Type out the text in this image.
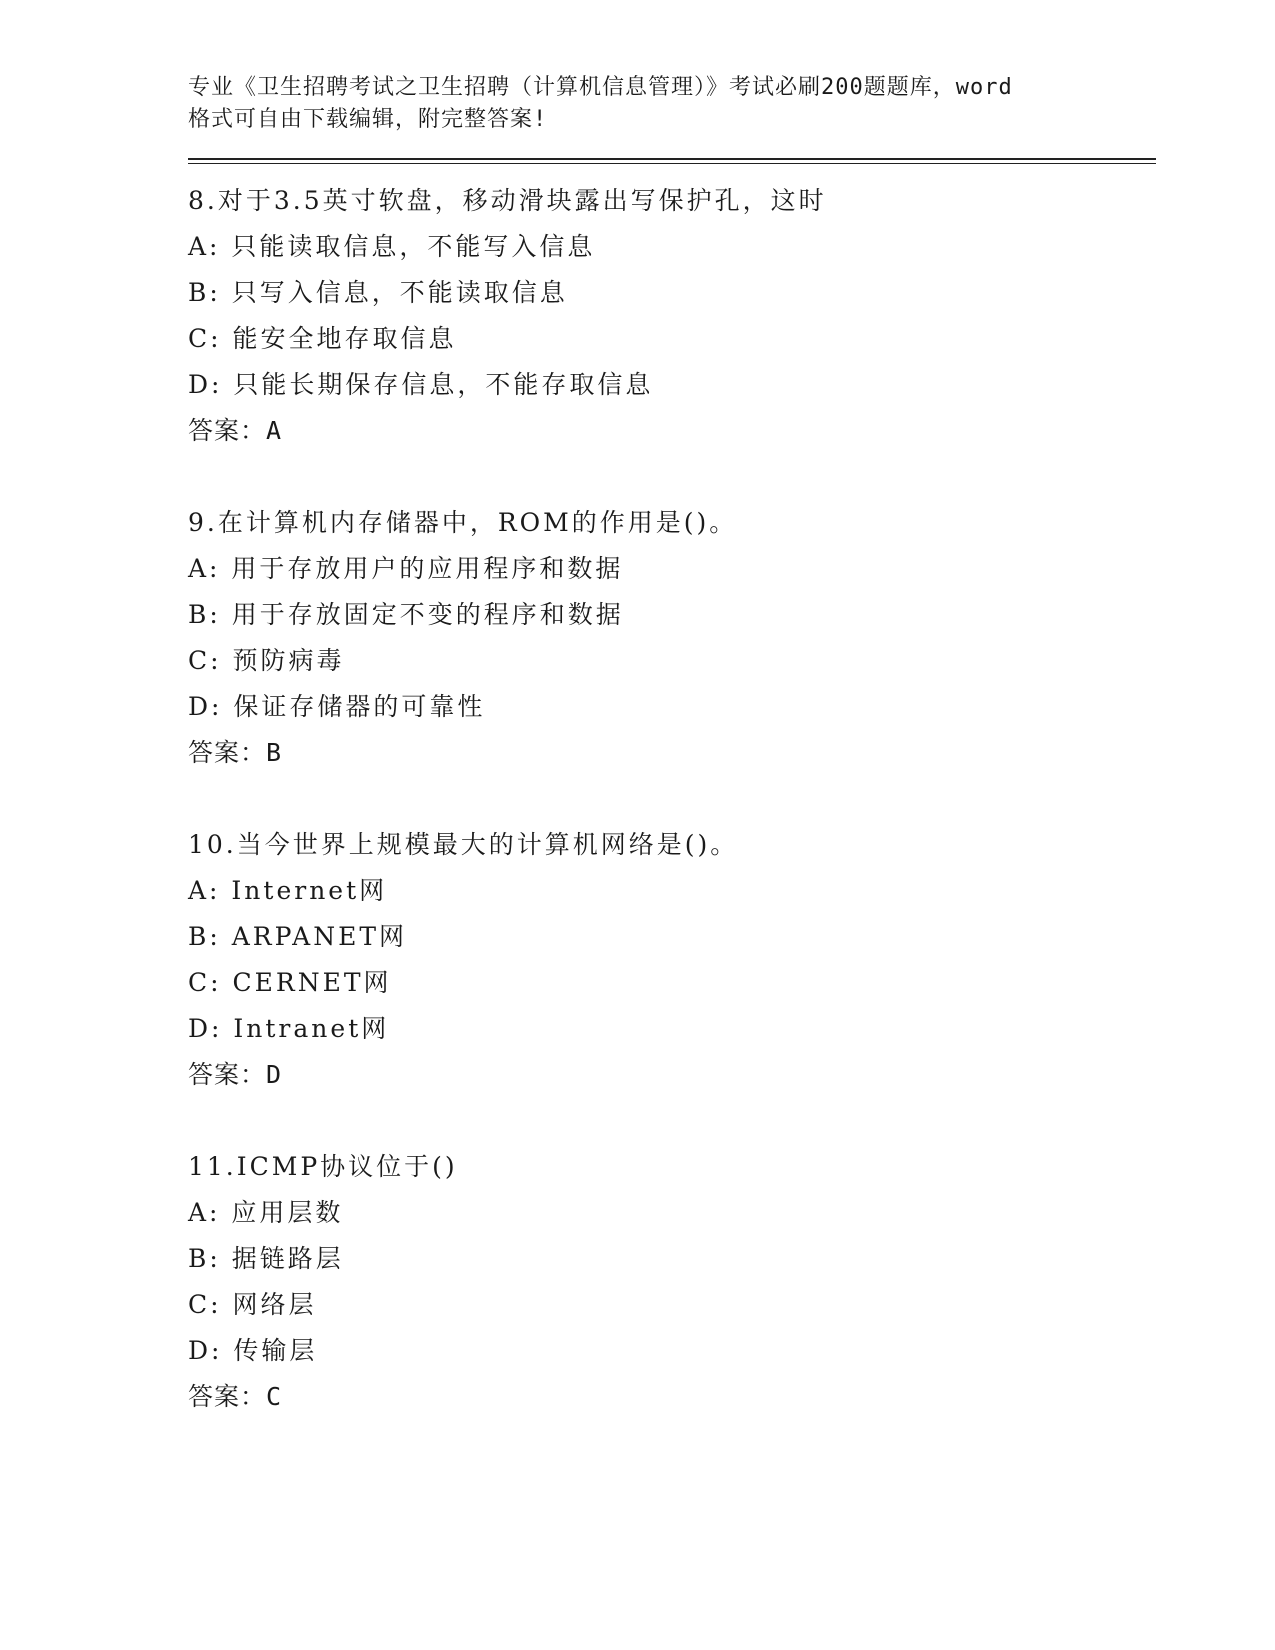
专业《卫生招聘考试之卫生招聘（计算机信息管理）》考试必刷200题题库，word
格式可自由下载编辑，附完整答案!
8.对于3.5英寸软盘，移动滑块露出写保护孔，这时
A: 只能读取信息，不能写入信息
B: 只写入信息，不能读取信息
C: 能安全地存取信息
D: 只能长期保存信息，不能存取信息
答案：A
9.在计算机内存储器中，ROM的作用是()。
A: 用于存放用户的应用程序和数据
B: 用于存放固定不变的程序和数据
C: 预防病毒
D: 保证存储器的可靠性
答案：B
10.当今世界上规模最大的计算机网络是()。
A: Internet网
B: ARPANET网
C: CERNET网
D: Intranet网
答案：D
11.ICMP协议位于()
A: 应用层数
B: 据链路层
C: 网络层
D: 传输层
答案：C
